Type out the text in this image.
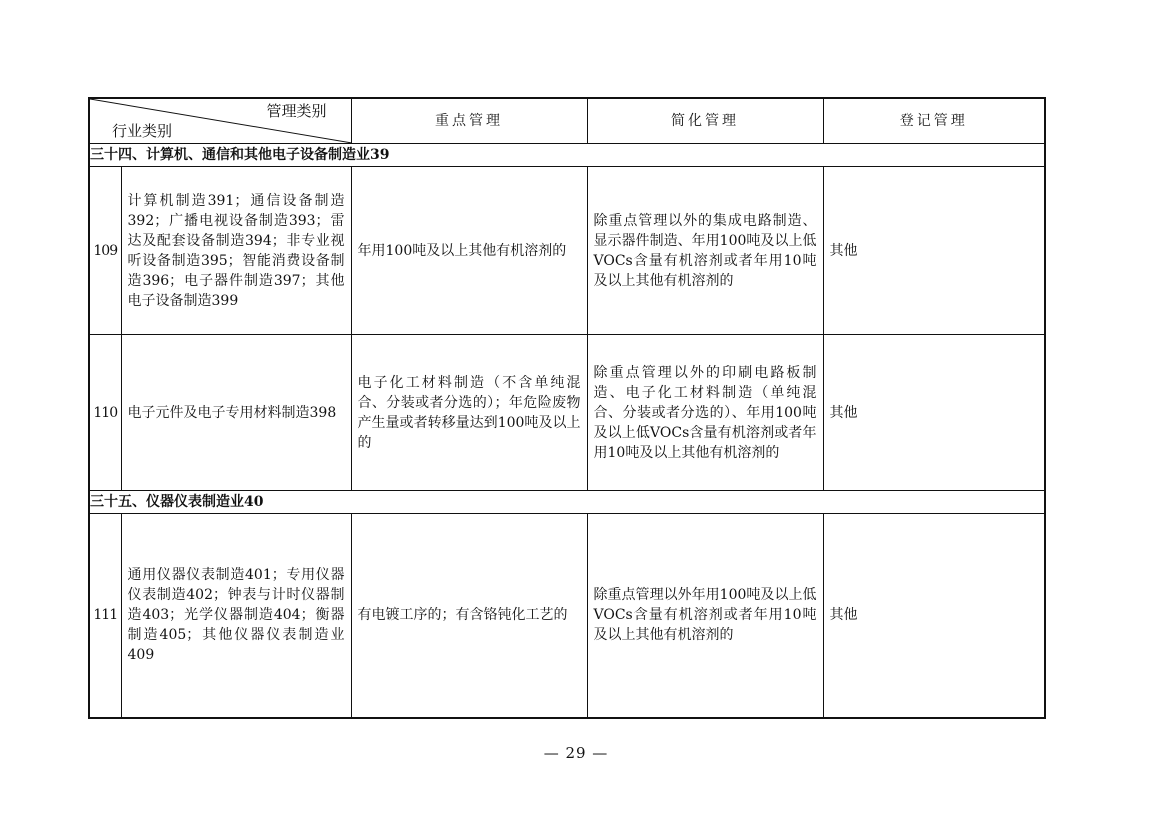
管理类别
行业类别		重点管理	简化管理	登记管理
三十四、计算机、通信和其他电子设备制造业39				
109	计算机制造391；通信设备制造392；广播电视设备制造393；雷达及配套设备制造394；非专业视听设备制造395；智能消费设备制造396；电子器件制造397；其他电子设备制造399	年用100吨及以上其他有机溶剂的	除重点管理以外的集成电路制造、显示器件制造、年用100吨及以上低VOCs含量有机溶剂或者年用10吨及以上其他有机溶剂的	其他
110	电子元件及电子专用材料制造398	电子化工材料制造（不含单纯混合、分装或者分选的）；年危险废物产生量或者转移量达到100吨及以上的	除重点管理以外的印刷电路板制造、电子化工材料制造（单纯混合、分装或者分选的）、年用100吨及以上低VOCs含量有机溶剂或者年用10吨及以上其他有机溶剂的	其他
三十五、仪器仪表制造业40				
111	通用仪器仪表制造401；专用仪器仪表制造402；钟表与计时仪器制造403；光学仪器制造404；衡器制造405；其他仪器仪表制造业409	有电镀工序的；有含铬钝化工艺的	除重点管理以外年用100吨及以上低VOCs含量有机溶剂或者年用10吨及以上其他有机溶剂的	其他
— 29 —
